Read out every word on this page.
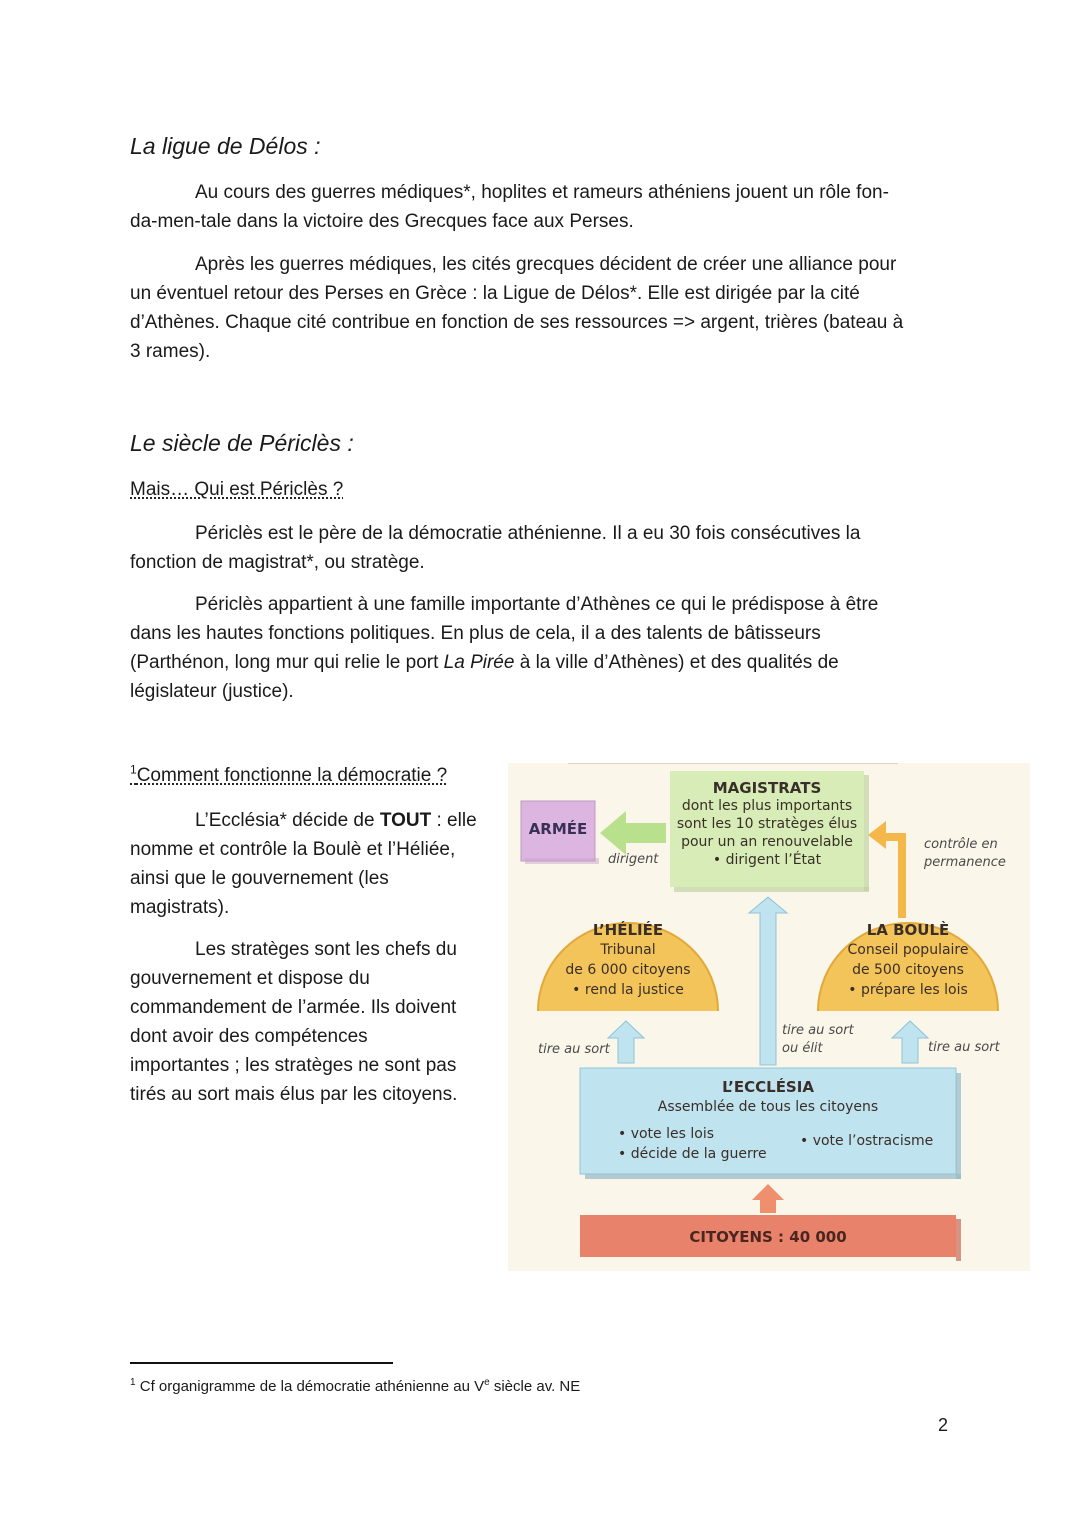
La ligue de Délos :
Au cours des guerres médiques*, hoplites et rameurs athéniens jouent un rôle fon-
da-men-tale dans la victoire des Grecques face aux Perses.
Après les guerres médiques, les cités grecques décident de créer une alliance pour
un éventuel retour des Perses en Grèce : la Ligue de Délos*. Elle est dirigée par la cité
d’Athènes. Chaque cité contribue en fonction de ses ressources => argent, trières (bateau à
3 rames).
Le siècle de Périclès :
Mais… Qui est Périclès ?
Périclès est le père de la démocratie athénienne. Il a eu 30 fois consécutives la
fonction de magistrat*, ou stratège.
Périclès appartient à une famille importante d’Athènes ce qui le prédispose à être
dans les hautes fonctions politiques. En plus de cela, il a des talents de bâtisseurs
(Parthénon, long mur qui relie le port La Pirée à la ville d’Athènes) et des qualités de
législateur (justice).
$^1$Comment fonctionne la démocratie ?
L’Ecclésia* décide de TOUT : elle
nomme et contrôle la Boulè et l’Héliée,
ainsi que le gouvernement (les
magistrats).
Les stratèges sont les chefs du
gouvernement et dispose du
commandement de l’armée. Ils doivent
dont avoir des compétences
importantes ; les stratèges ne sont pas
tirés au sort mais élus par les citoyens.
ARMÉE
MAGISTRATS
dont les plus importants
sont les 10 stratèges élus
pour un an renouvelable
• dirigent l’État
dirigent
contrôle en
permanence
L’HÉLIÉE
Tribunal
de 6 000 citoyens
• rend la justice
LA BOULÈ
Conseil populaire
de 500 citoyens
• prépare les lois
tire au sort
tire au sort
ou élit	tire au sort
L’ECCLÉSIA
Assemblée de tous les citoyens
• vote les lois
• décide de la guerre
• vote l’ostracisme
CITOYENS : 40 000
$^1$ Cf organigramme de la démocratie athénienne au Ve siècle av. NE
2
